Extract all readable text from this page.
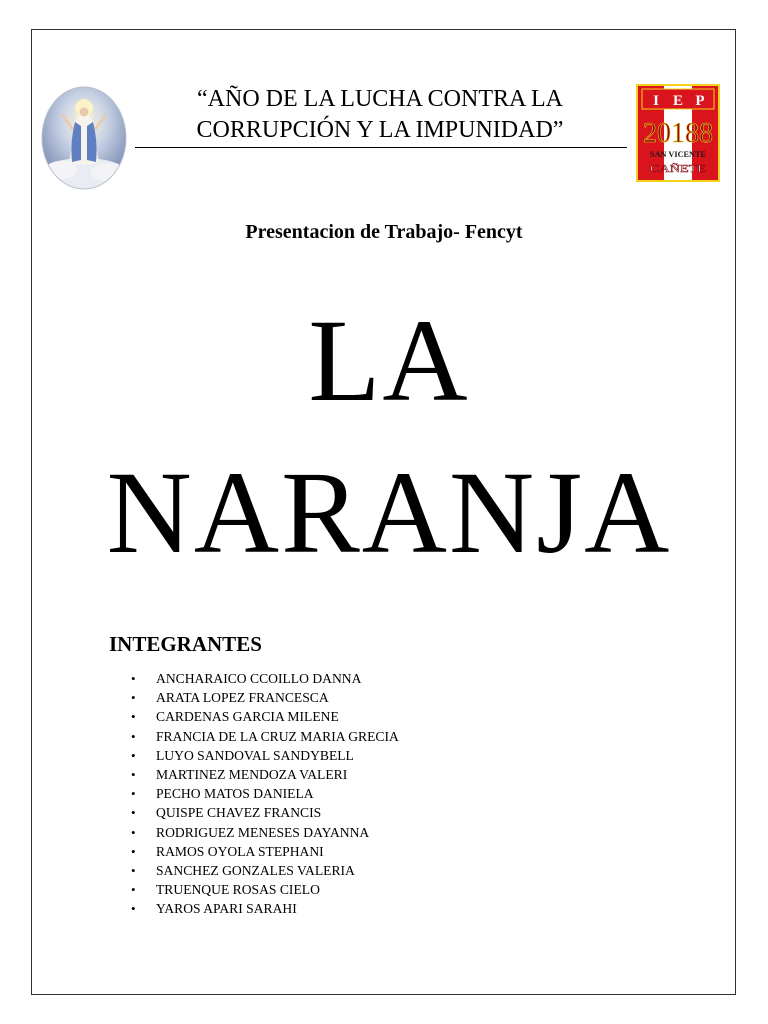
“AÑO DE LA LUCHA CONTRA LA
CORRUPCIÓN Y LA IMPUNIDAD”
I E P
20188
SAN VICENTE
CAÑETE
Presentacion de Trabajo- Fencyt
LA
NARANJA
INTEGRANTES
• ANCHARAICO CCOILLO DANNA
• ARATA LOPEZ FRANCESCA
• CARDENAS GARCIA MILENE
• FRANCIA DE LA CRUZ MARIA GRECIA
• LUYO SANDOVAL SANDYBELL
• MARTINEZ MENDOZA VALERI
• PECHO MATOS DANIELA
• QUISPE CHAVEZ FRANCIS
• RODRIGUEZ MENESES DAYANNA
• RAMOS OYOLA STEPHANI
• SANCHEZ GONZALES VALERIA
• TRUENQUE ROSAS CIELO
• YAROS APARI SARAHI
